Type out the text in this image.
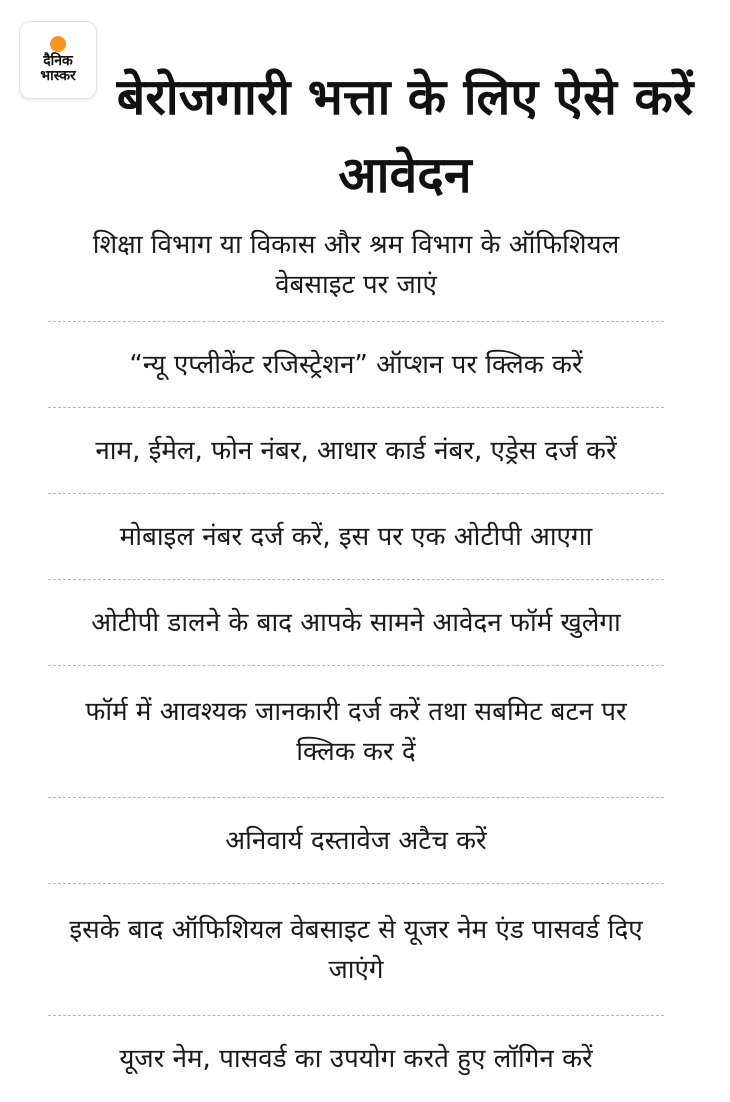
दैनिक
भास्कर बेरोजगारी भत्ता के लिए ऐसे करें आवेदन
शिक्षा विभाग या विकास और श्रम विभाग के ऑफिशियल वेबसाइट पर जाएं
“न्यू एप्लीकेंट रजिस्ट्रेशन” ऑप्शन पर क्लिक करें
नाम, ईमेल, फोन नंबर, आधार कार्ड नंबर, एड्रेस दर्ज करें
मोबाइल नंबर दर्ज करें, इस पर एक ओटीपी आएगा
ओटीपी डालने के बाद आपके सामने आवेदन फॉर्म खुलेगा
फॉर्म में आवश्यक जानकारी दर्ज करें तथा सबमिट बटन पर क्लिक कर दें
अनिवार्य दस्तावेज अटैच करें
इसके बाद ऑफिशियल वेबसाइट से यूजर नेम एंड पासवर्ड दिए जाएंगे
यूजर नेम, पासवर्ड का उपयोग करते हुए लॉगिन करें
